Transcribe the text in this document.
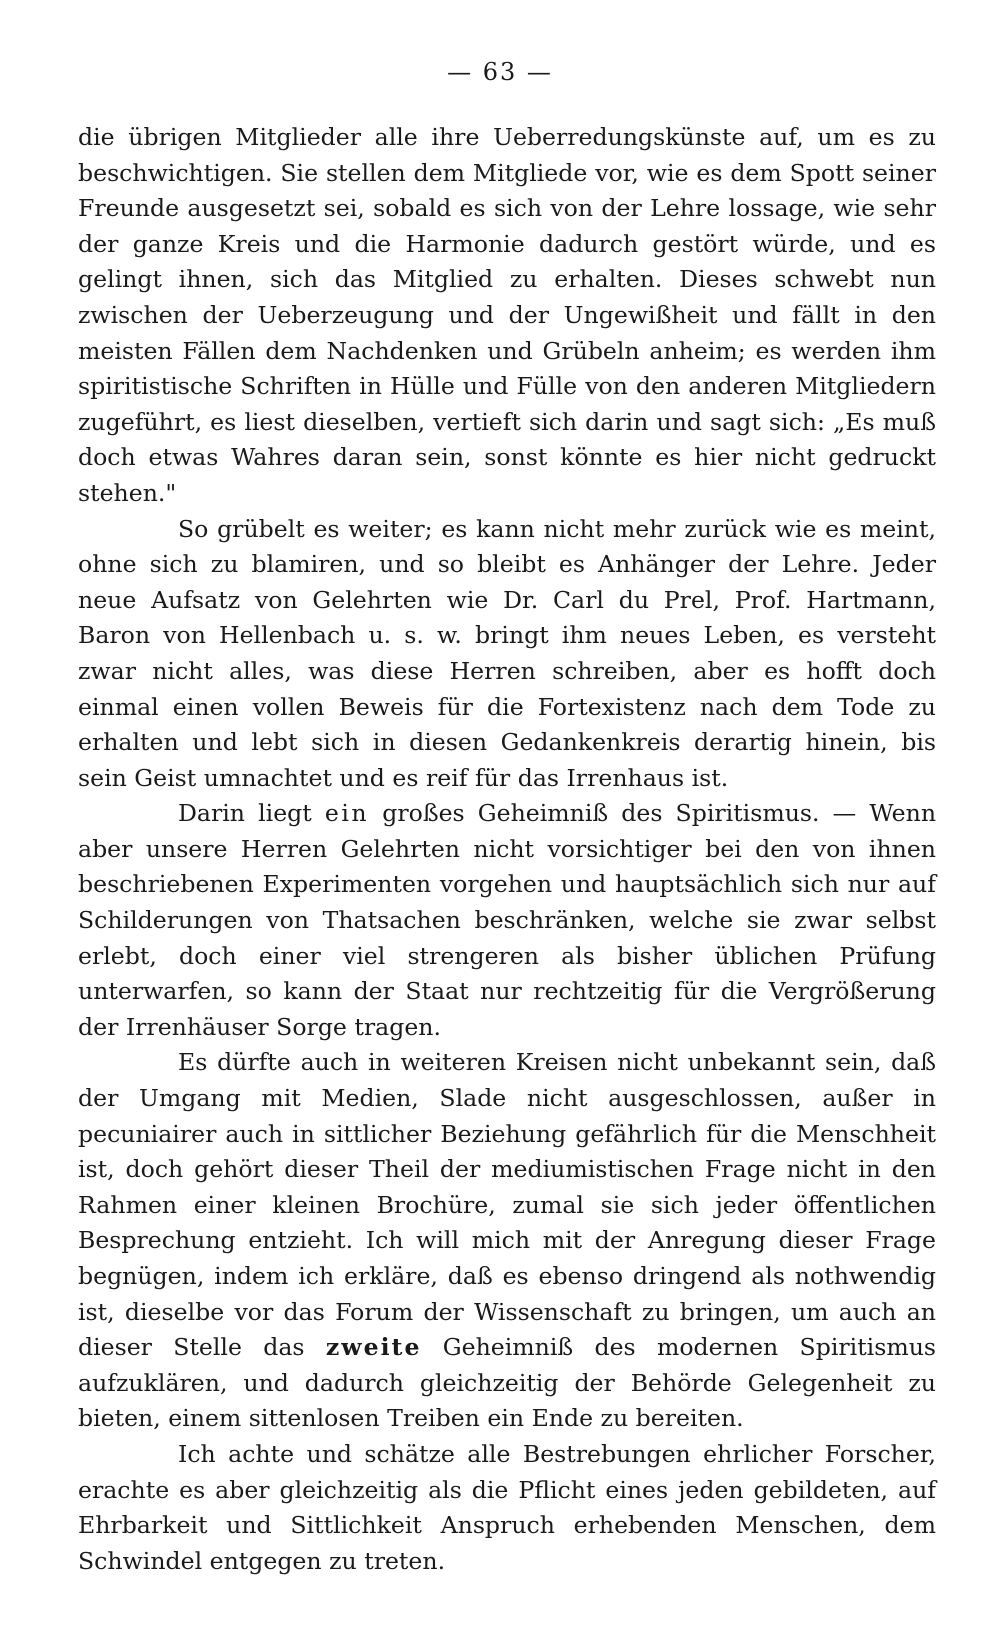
— 63 —

die übrigen Mitglieder alle ihre Ueberredungskünste auf, um es zu beschwichtigen. Sie stellen dem Mitgliede vor, wie es dem Spott seiner Freunde ausgesetzt sei, sobald es sich von der Lehre lossage, wie sehr der ganze Kreis und die Harmonie dadurch gestört würde, und es gelingt ihnen, sich das Mitglied zu erhalten. Dieses schwebt nun zwischen der Ueberzeugung und der Ungewißheit und fällt in den meisten Fällen dem Nachdenken und Grübeln anheim; es werden ihm spiritistische Schriften in Hülle und Fülle von den anderen Mitgliedern zugeführt, es liest dieselben, vertieft sich darin und sagt sich: „Es muß doch etwas Wahres daran sein, sonst könnte es hier nicht gedruckt stehen."

So grübelt es weiter; es kann nicht mehr zurück wie es meint, ohne sich zu blamiren, und so bleibt es Anhänger der Lehre. Jeder neue Aufsatz von Gelehrten wie Dr. Carl du Prel, Prof. Hartmann, Baron von Hellenbach u. s. w. bringt ihm neues Leben, es versteht zwar nicht alles, was diese Herren schreiben, aber es hofft doch einmal einen vollen Beweis für die Fortexistenz nach dem Tode zu erhalten und lebt sich in diesen Gedankenkreis derartig hinein, bis sein Geist umnachtet und es reif für das Irrenhaus ist.

Darin liegt ein großes Geheimniß des Spiritismus. — Wenn aber unsere Herren Gelehrten nicht vorsichtiger bei den von ihnen beschriebenen Experimenten vorgehen und hauptsächlich sich nur auf Schilderungen von Thatsachen beschränken, welche sie zwar selbst erlebt, doch einer viel strengeren als bisher üblichen Prüfung unterwarfen, so kann der Staat nur rechtzeitig für die Vergrößerung der Irrenhäuser Sorge tragen.

Es dürfte auch in weiteren Kreisen nicht unbekannt sein, daß der Umgang mit Medien, Slade nicht ausgeschlossen, außer in pecuniairer auch in sittlicher Beziehung gefährlich für die Menschheit ist, doch gehört dieser Theil der mediumistischen Frage nicht in den Rahmen einer kleinen Brochüre, zumal sie sich jeder öffentlichen Besprechung entzieht. Ich will mich mit der Anregung dieser Frage begnügen, indem ich erkläre, daß es ebenso dringend als nothwendig ist, dieselbe vor das Forum der Wissenschaft zu bringen, um auch an dieser Stelle das zweite Geheimniß des modernen Spiritismus aufzuklären, und dadurch gleichzeitig der Behörde Gelegenheit zu bieten, einem sittenlosen Treiben ein Ende zu bereiten.

Ich achte und schätze alle Bestrebungen ehrlicher Forscher, erachte es aber gleichzeitig als die Pflicht eines jeden gebildeten, auf Ehrbarkeit und Sittlichkeit Anspruch erhebenden Menschen, dem Schwindel entgegen zu treten.
